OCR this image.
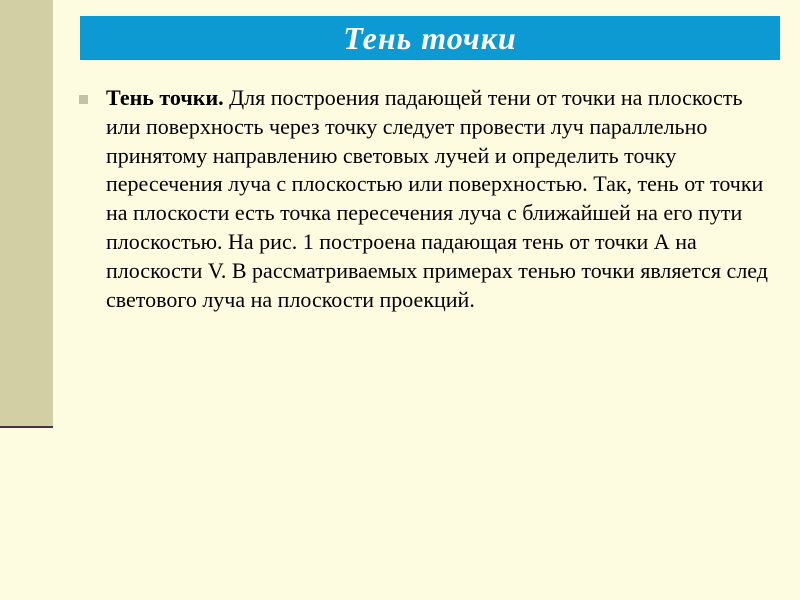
Тень точки
Тень точки. Для построения падающей тени от точки на плоскость или поверхность через точку следует провести луч параллельно принятому направлению световых лучей и определить точку пересечения луча с плоскостью или поверхностью. Так, тень от точки на плоскости есть точка пересечения луча с ближайшей на его пути плоскостью. На рис. 1 построена падающая тень от точки А на плоскости V. В рассматриваемых примерах тенью точки является след светового луча на плоскости проекций.
